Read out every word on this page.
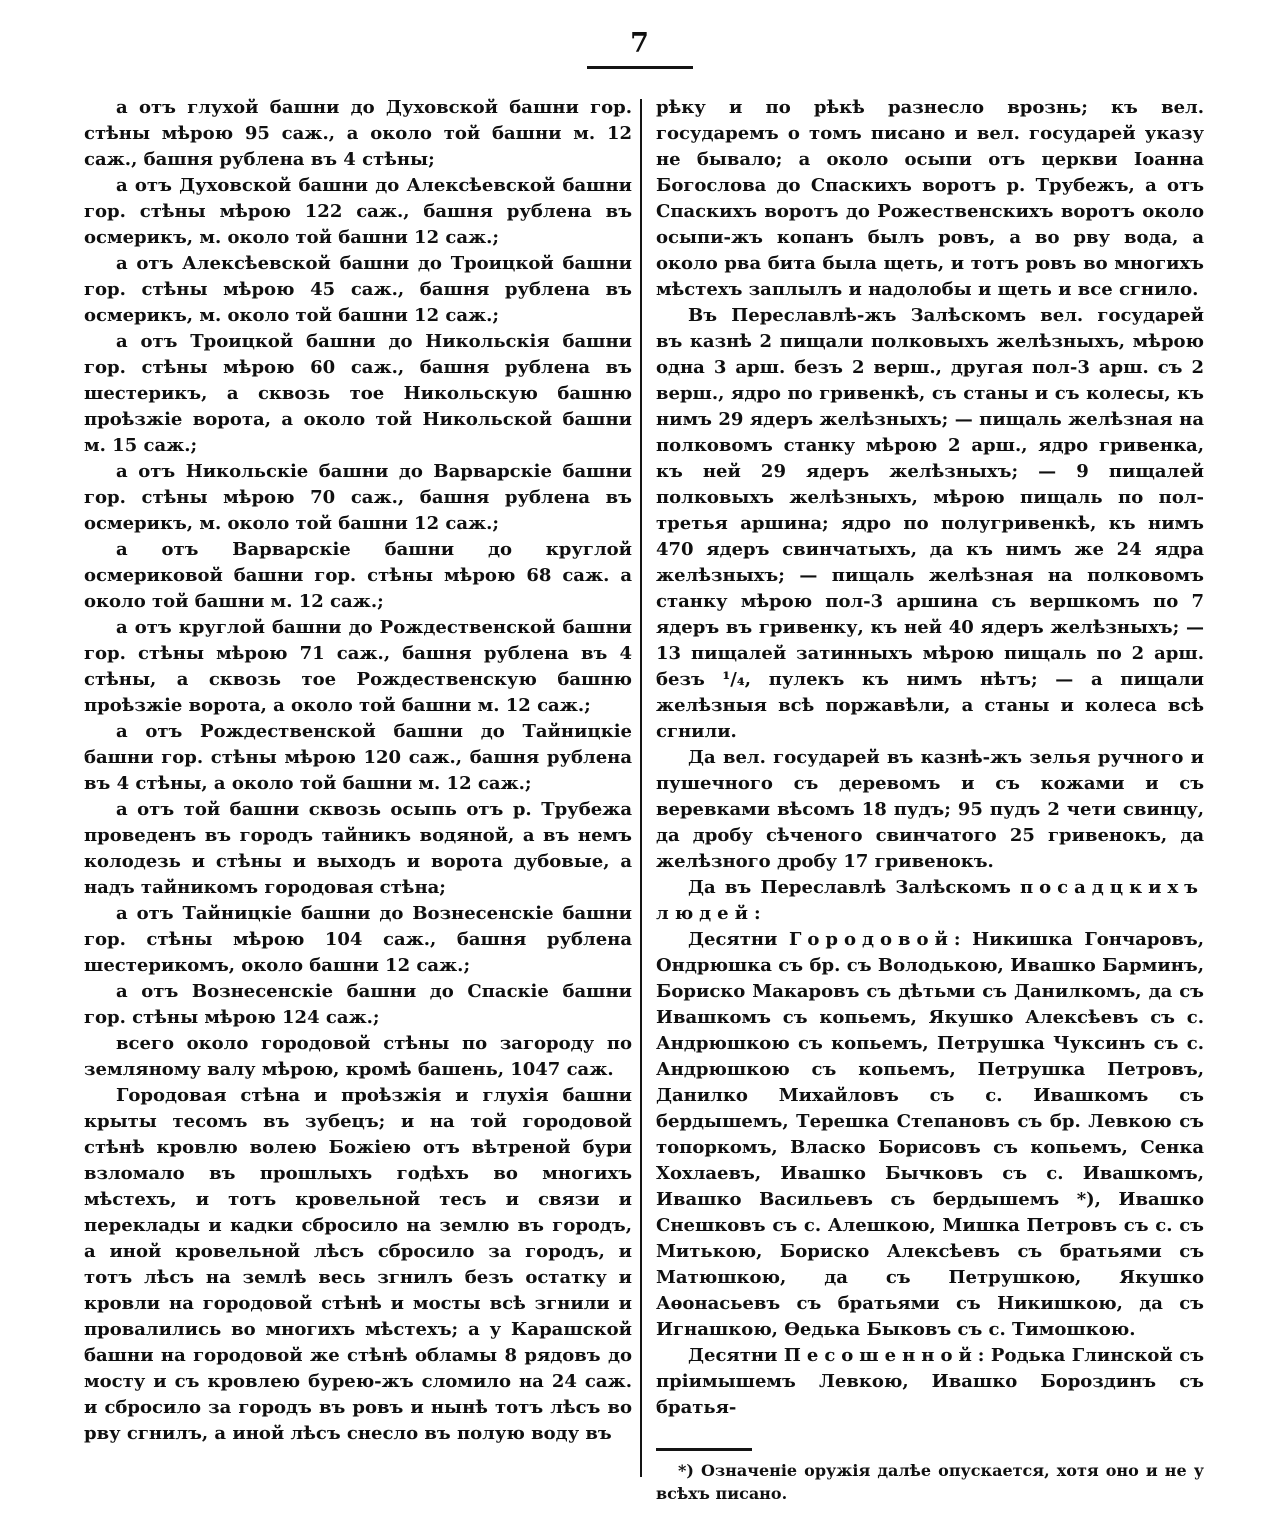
7

а отъ глухой башни до Духовской башни гор. стѣны мѣрою 95 саж., а около той башни м. 12 саж., башня рублена въ 4 стѣны;

а отъ Духовской башни до Алексѣевской башни гор. стѣны мѣрою 122 саж., башня рублена въ осмерикъ, м. около той башни 12 саж.;

а отъ Алексѣевской башни до Троицкой башни гор. стѣны мѣрою 45 саж., башня рублена въ осмерикъ, м. около той башни 12 саж.;

а отъ Троицкой башни до Никольскія башни гор. стѣны мѣрою 60 саж., башня рублена въ шестерикъ, а сквозь тое Никольскую башню проѣзжіе ворота, а около той Никольской башни м. 15 саж.;

а отъ Никольскіе башни до Варварскіе башни гор. стѣны мѣрою 70 саж., башня рублена въ осмерикъ, м. около той башни 12 саж.;

а отъ Варварскіе башни до круглой осмериковой башни гор. стѣны мѣрою 68 саж. а около той башни м. 12 саж.;

а отъ круглой башни до Рождественской башни гор. стѣны мѣрою 71 саж., башня рублена въ 4 стѣны, а сквозь тое Рождественскую башню проѣзжіе ворота, а около той башни м. 12 саж.;

а отъ Рождественской башни до Тайницкіе башни гор. стѣны мѣрою 120 саж., башня рублена въ 4 стѣны, а около той башни м. 12 саж.;

а отъ той башни сквозь осыпь отъ р. Трубежа проведенъ въ городъ тайникъ водяной, а въ немъ колодезь и стѣны и выходъ и ворота дубовые, а надъ тайникомъ городовая стѣна;

а отъ Тайницкіе башни до Вознесенскіе башни гор. стѣны мѣрою 104 саж., башня рублена шестерикомъ, около башни 12 саж.;

а отъ Вознесенскіе башни до Спаскіе башни гор. стѣны мѣрою 124 саж.;

всего около городовой стѣны по загороду по земляному валу мѣрою, кромѣ башень, 1047 саж.

Городовая стѣна и проѣзжія и глухія башни крыты тесомъ въ зубецъ; и на той городовой стѣнѣ кровлю волею Божіею отъ вѣтреной бури взломало въ прошлыхъ годѣхъ во многихъ мѣстехъ, и тотъ кровельной тесъ и связи и переклады и кадки сбросило на землю въ городъ, а иной кровельной лѣсъ сбросило за городъ, и тотъ лѣсъ на землѣ весь згнилъ безъ остатку и кровли на городовой стѣнѣ и мосты всѣ згнили и провалились во многихъ мѣстехъ; а у Карашской башни на городовой же стѣнѣ обламы 8 рядовъ до мосту и съ кровлею бурею-жъ сломило на 24 саж. и сбросило за городъ въ ровъ и нынѣ тотъ лѣсъ во рву сгнилъ, а иной лѣсъ снесло въ полую воду въ

рѣку и по рѣкѣ разнесло врознь; къ вел. государемъ о томъ писано и вел. государей указу не бывало; а около осыпи отъ церкви Іоанна Богослова до Спаскихъ воротъ р. Трубежъ, а отъ Спаскихъ воротъ до Рожественскихъ воротъ около осыпи-жъ копанъ былъ ровъ, а во рву вода, а около рва бита была щеть, и тотъ ровъ во многихъ мѣстехъ заплылъ и надолобы и щеть и все сгнило.

Въ Переславлѣ-жъ Залѣскомъ вел. государей въ казнѣ 2 пищали полковыхъ желѣзныхъ, мѣрою одна 3 арш. безъ 2 верш., другая пол-3 арш. съ 2 верш., ядро по гривенкѣ, съ станы и съ колесы, къ нимъ 29 ядеръ желѣзныхъ; — пищаль желѣзная на полковомъ станку мѣрою 2 арш., ядро гривенка, къ ней 29 ядеръ желѣзныхъ; — 9 пищалей полковыхъ желѣзныхъ, мѣрою пищаль по пол-третья аршина; ядро по полугривенкѣ, къ нимъ 470 ядеръ свинчатыхъ, да къ нимъ же 24 ядра желѣзныхъ; — пищаль желѣзная на полковомъ станку мѣрою пол-3 аршина съ вершкомъ по 7 ядеръ въ гривенку, къ ней 40 ядеръ желѣзныхъ; — 13 пищалей затинныхъ мѣрою пищаль по 2 арш. безъ ¹/₄, пулекъ къ нимъ нѣтъ; — а пищали желѣзныя всѣ поржавѣли, а станы и колеса всѣ сгнили.

Да вел. государей въ казнѣ-жъ зелья ручного и пушечного съ деревомъ и съ кожами и съ веревками вѣсомъ 18 пудъ; 95 пудъ 2 чети свинцу, да дробу сѣченого свинчатого 25 гривенокъ, да желѣзного дробу 17 гривенокъ.

Да въ Переславлѣ Залѣскомъ посадцкихъ людей:

Десятни Городовой: Никишка Гончаровъ, Ондрюшка съ бр. съ Володькою, Ивашко Барминъ, Бориско Макаровъ съ дѣтьми съ Данилкомъ, да съ Ивашкомъ съ копьемъ, Якушко Алексѣевъ съ с. Андрюшкою съ копьемъ, Петрушка Чуксинъ съ с. Андрюшкою съ копьемъ, Петрушка Петровъ, Данилко Михайловъ съ с. Ивашкомъ съ бердышемъ, Терешка Степановъ съ бр. Левкою съ топоркомъ, Власко Борисовъ съ копьемъ, Сенка Хохлаевъ, Ивашко Бычковъ съ с. Ивашкомъ, Ивашко Васильевъ съ бердышемъ *), Ивашко Снешковъ съ с. Алешкою, Мишка Петровъ съ с. съ Митькою, Бориско Алексѣевъ съ братьями съ Матюшкою, да съ Петрушкою, Якушко Аѳонасьевъ съ братьями съ Никишкою, да съ Игнашкою, Ѳедька Быковъ съ с. Тимошкою.

Десятни Песошенной: Родька Глинской съ пріимышемъ Левкою, Ивашко Бороздинъ съ братья-

*) Означеніе оружія далѣе опускается, хотя оно и не у всѣхъ писано.
